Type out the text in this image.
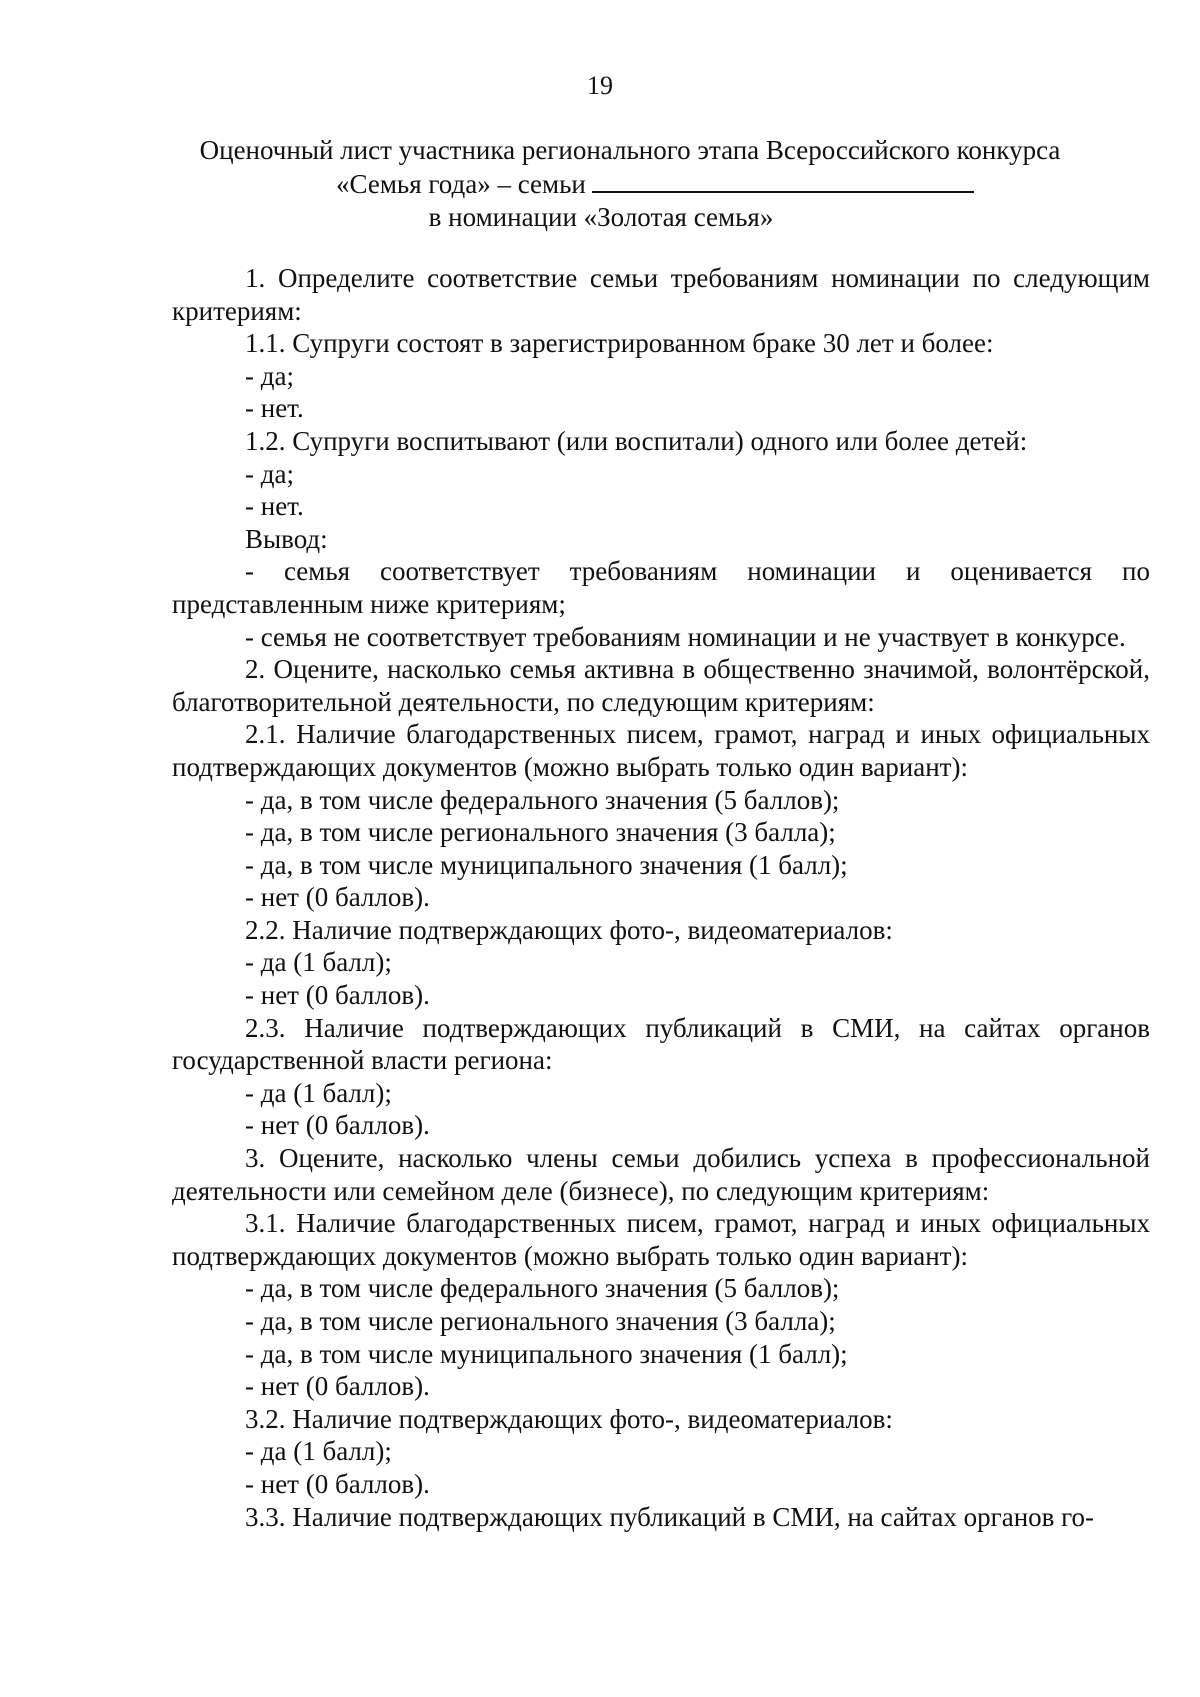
19
Оценочный лист участника регионального этапа Всероссийского конкурса
«Семья года» – семьи
в номинации «Золотая семья»

1. Определите соответствие семьи требованиям номинации по следующим критериям:

1.1. Супруги состоят в зарегистрированном браке 30 лет и более:

- да;

- нет.

1.2. Супруги воспитывают (или воспитали) одного или более детей:

- да;

- нет.

Вывод:

- семья соответствует требованиям номинации и оценивается по представленным ниже критериям;

- семья не соответствует требованиям номинации и не участвует в конкурсе.

2. Оцените, насколько семья активна в общественно значимой, волонтёрской, благотворительной деятельности, по следующим критериям:

2.1. Наличие благодарственных писем, грамот, наград и иных официальных подтверждающих документов (можно выбрать только один вариант):

- да, в том числе федерального значения (5 баллов);

- да, в том числе регионального значения (3 балла);

- да, в том числе муниципального значения (1 балл);

- нет (0 баллов).

2.2. Наличие подтверждающих фото-, видеоматериалов:

- да (1 балл);

- нет (0 баллов).

2.3. Наличие подтверждающих публикаций в СМИ, на сайтах органов государственной власти региона:

- да (1 балл);

- нет (0 баллов).

3. Оцените, насколько члены семьи добились успеха в профессиональной деятельности или семейном деле (бизнесе), по следующим критериям:

3.1. Наличие благодарственных писем, грамот, наград и иных официальных подтверждающих документов (можно выбрать только один вариант):

- да, в том числе федерального значения (5 баллов);

- да, в том числе регионального значения (3 балла);

- да, в том числе муниципального значения (1 балл);

- нет (0 баллов).

3.2. Наличие подтверждающих фото-, видеоматериалов:

- да (1 балл);

- нет (0 баллов).

3.3. Наличие подтверждающих публикаций в СМИ, на сайтах органов го-
